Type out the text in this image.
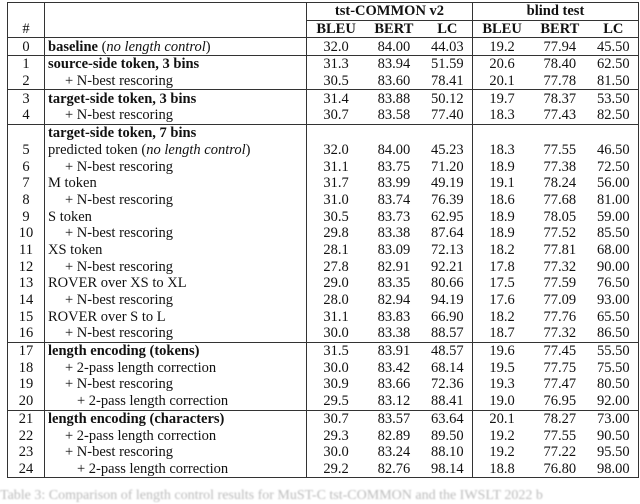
		tst-COMMON v2			blind test		
#		BLEU	BERT	LC	BLEU	BERT	LC
0	baseline (no length control)	32.0	84.00	44.03	19.2	77.94	45.50
1	source-side token, 3 bins	31.3	83.94	51.59	20.6	78.40	62.50
2	+ N-best rescoring	30.5	83.60	78.41	20.1	77.78	81.50
3	target-side token, 3 bins	31.4	83.88	50.12	19.7	78.37	53.50
4	+ N-best rescoring	30.7	83.58	77.40	18.3	77.43	82.50
	target-side token, 7 bins						
5	predicted token (no length control)	32.0	84.00	45.23	18.3	77.55	46.50
6	+ N-best rescoring	31.1	83.75	71.20	18.9	77.38	72.50
7	M token	31.7	83.99	49.19	19.1	78.24	56.00
8	+ N-best rescoring	31.0	83.74	76.39	18.6	77.68	81.00
9	S token	30.5	83.73	62.95	18.9	78.05	59.00
10	+ N-best rescoring	29.8	83.38	87.64	18.9	77.52	85.50
11	XS token	28.1	83.09	72.13	18.2	77.81	68.00
12	+ N-best rescoring	27.8	82.91	92.21	17.8	77.32	90.00
13	ROVER over XS to XL	29.0	83.35	80.66	17.5	77.59	76.50
14	+ N-best rescoring	28.0	82.94	94.19	17.6	77.09	93.00
15	ROVER over S to L	31.1	83.83	66.90	18.2	77.76	65.50
16	+ N-best rescoring	30.0	83.38	88.57	18.7	77.32	86.50
17	length encoding (tokens)	31.5	83.91	48.57	19.6	77.45	55.50
18	+ 2-pass length correction	30.0	83.42	68.14	19.5	77.75	75.50
19	+ N-best rescoring	30.9	83.66	72.36	19.3	77.47	80.50
20	+ 2-pass length correction	29.5	83.12	88.41	19.0	76.95	92.00
21	length encoding (characters)	30.7	83.57	63.64	20.1	78.27	73.00
22	+ 2-pass length correction	29.3	82.89	89.50	19.2	77.55	90.50
23	+ N-best rescoring	30.0	83.24	88.10	19.2	77.22	95.50
24	+ 2-pass length correction	29.2	82.76	98.14	18.8	76.80	98.00
Table 3: Comparison of length control results for MuST-C tst-COMMON and the IWSLT 2022 b
